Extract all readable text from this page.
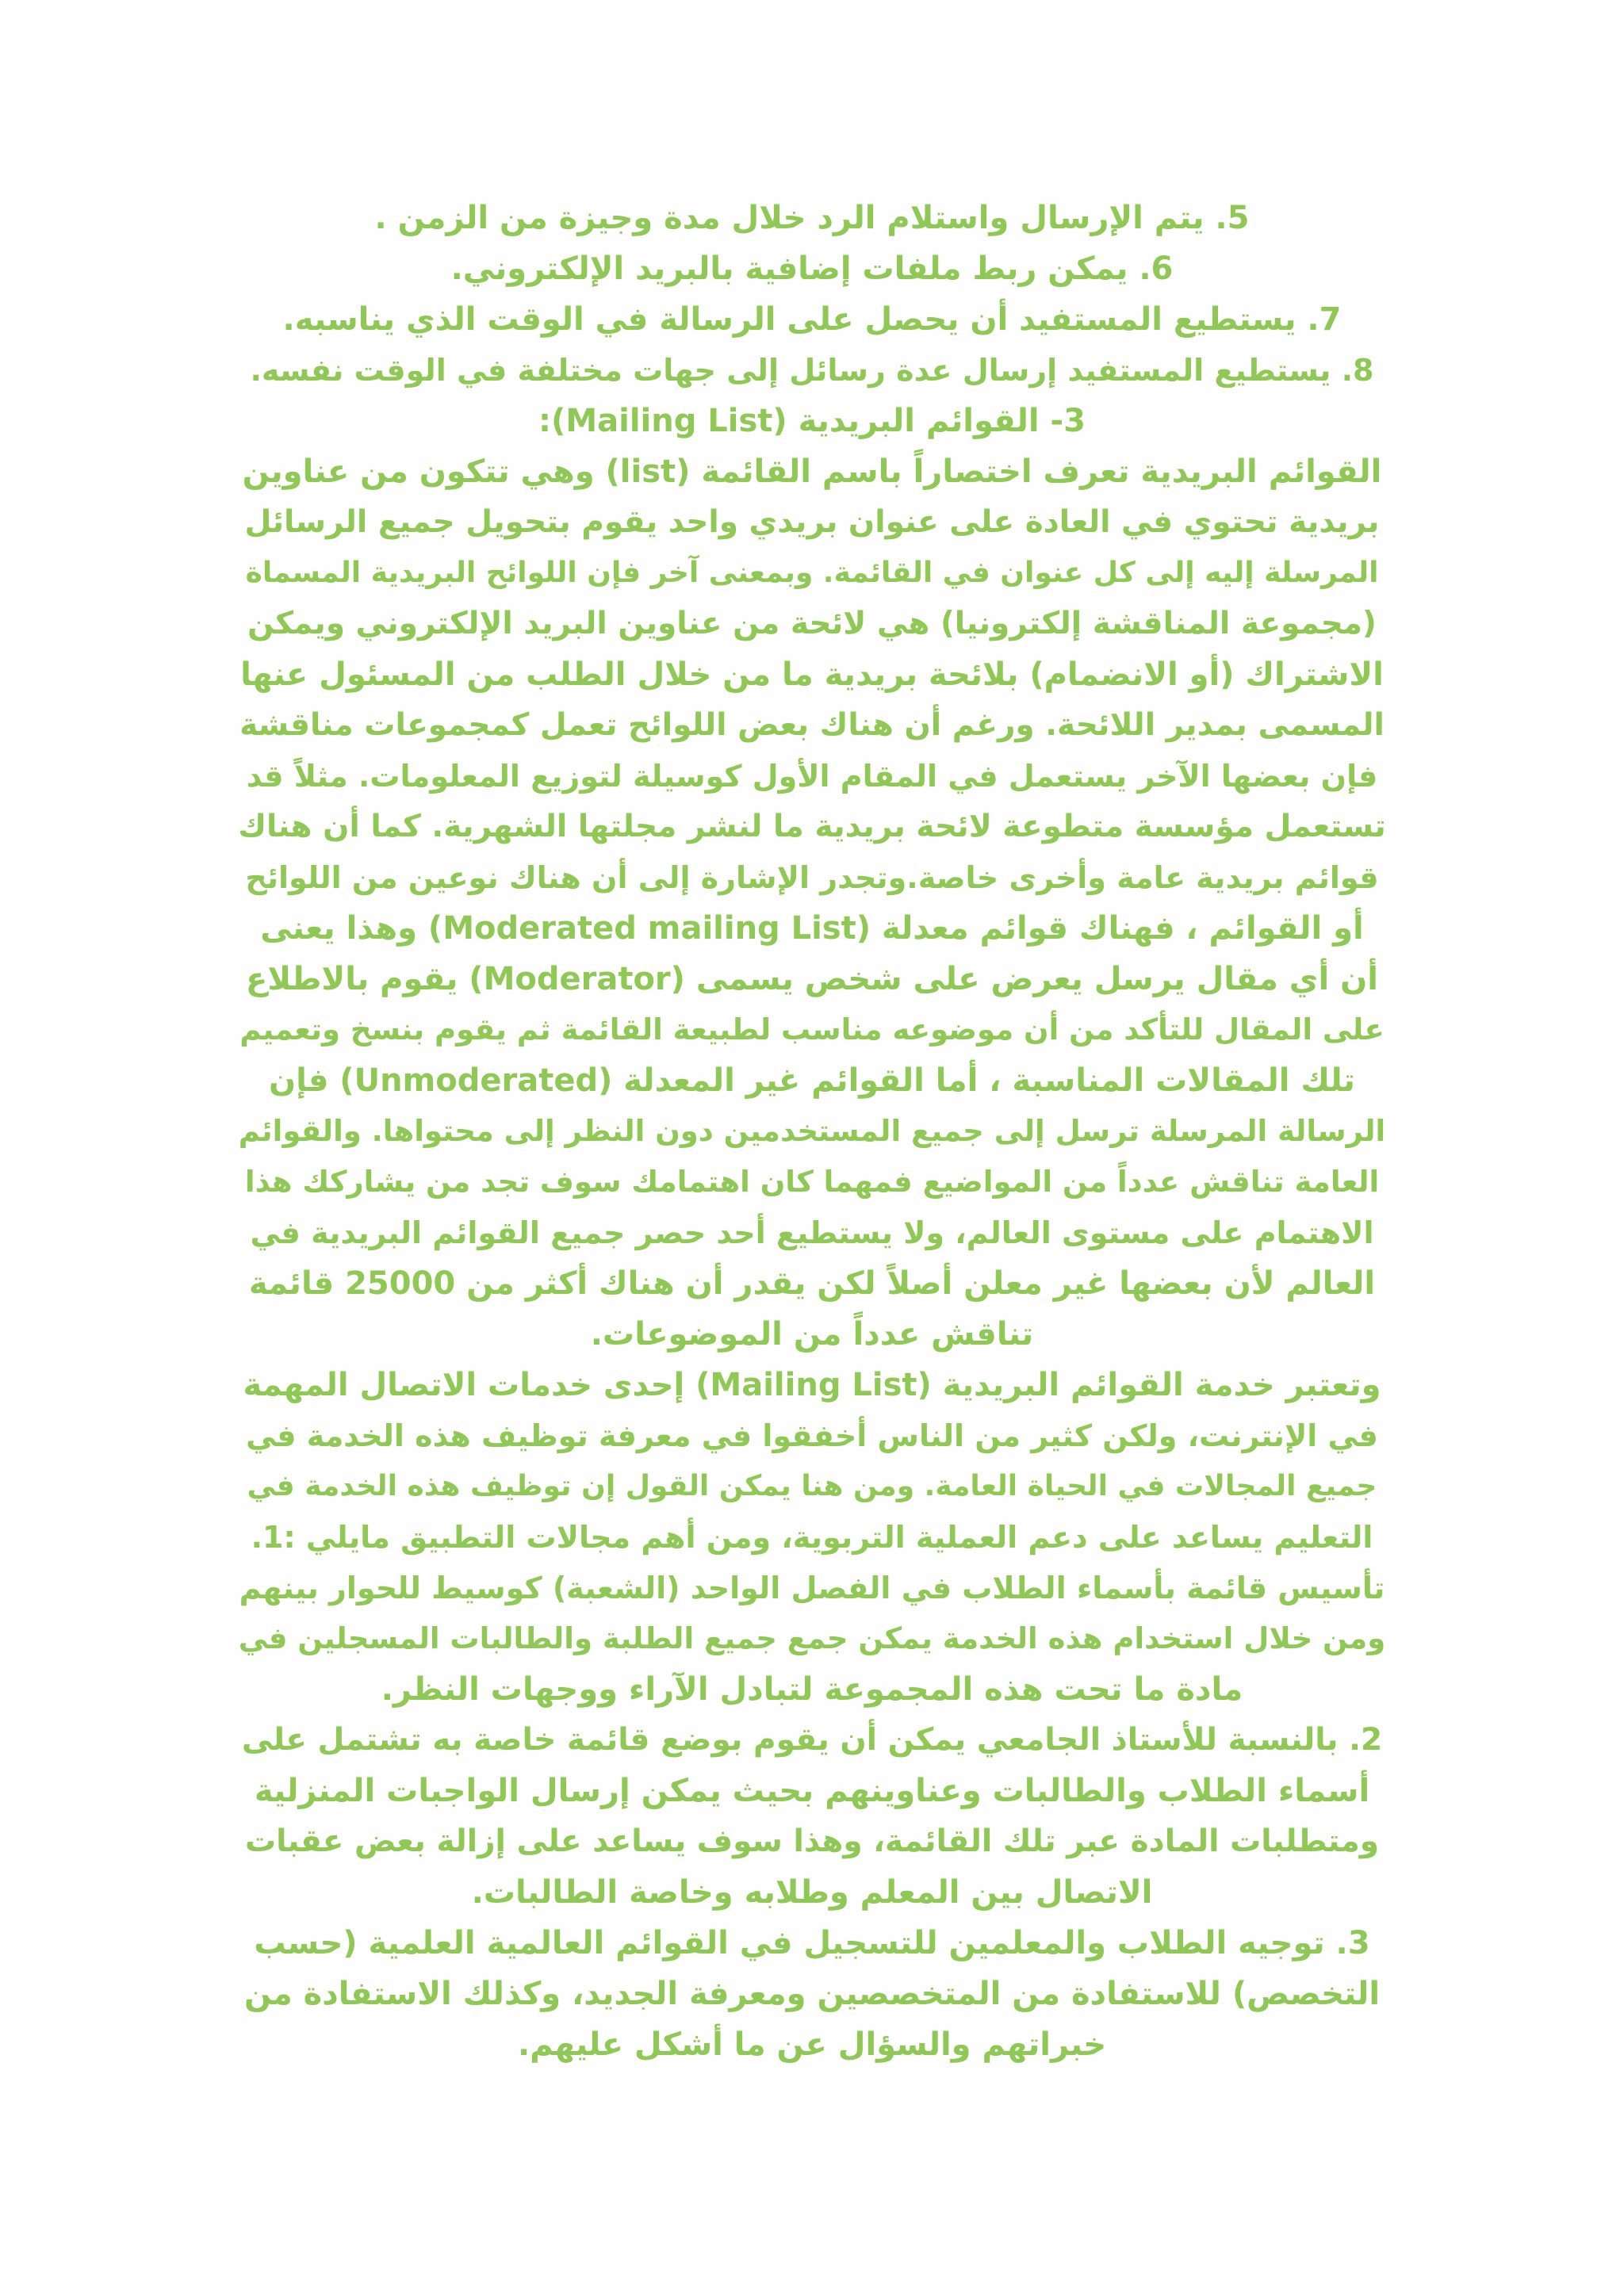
5. يتم الإرسال واستلام الرد خلال مدة وجيزة من الزمن .
6. يمكن ربط ملفات إضافية بالبريد الإلكتروني.
7. يستطيع المستفيد أن يحصل على الرسالة في الوقت الذي يناسبه.
8. يستطيع المستفيد إرسال عدة رسائل إلى جهات مختلفة في الوقت نفسه.
3- القوائم البريدية (Mailing List):
القوائم البريدية تعرف اختصاراً باسم القائمة (list) وهي تتكون من عناوين
بريدية تحتوي في العادة على عنوان بريدي واحد يقوم بتحويل جميع الرسائل
المرسلة إليه إلى كل عنوان في القائمة. وبمعنى آخر فإن اللوائح البريدية المسماة
(مجموعة المناقشة إلكترونيا) هي لائحة من عناوين البريد الإلكتروني ويمكن
الاشتراك (أو الانضمام) بلائحة بريدية ما من خلال الطلب من المسئول عنها
المسمى بمدير اللائحة. ورغم أن هناك بعض اللوائح تعمل كمجموعات مناقشة
فإن بعضها الآخر يستعمل في المقام الأول كوسيلة لتوزيع المعلومات. مثلاً قد
تستعمل مؤسسة متطوعة لائحة بريدية ما لنشر مجلتها الشهرية. كما أن هناك
قوائم بريدية عامة وأخرى خاصة.وتجدر الإشارة إلى أن هناك نوعين من اللوائح
أو القوائم ، فهناك قوائم معدلة (Moderated mailing List) وهذا يعنى
أن أي مقال يرسل يعرض على شخص يسمى (Moderator) يقوم بالاطلاع
على المقال للتأكد من أن موضوعه مناسب لطبيعة القائمة ثم يقوم بنسخ وتعميم
تلك المقالات المناسبة ، أما القوائم غير المعدلة (Unmoderated) فإن
الرسالة المرسلة ترسل إلى جميع المستخدمين دون النظر إلى محتواها. والقوائم
العامة تناقش عدداً من المواضيع فمهما كان اهتمامك سوف تجد من يشاركك هذا
الاهتمام على مستوى العالم، ولا يستطيع أحد حصر جميع القوائم البريدية في
العالم لأن بعضها غير معلن أصلاً لكن يقدر أن هناك أكثر من 25000 قائمة
تناقش عدداً من الموضوعات.
وتعتبر خدمة القوائم البريدية (Mailing List) إحدى خدمات الاتصال المهمة
في الإنترنت، ولكن كثير من الناس أخفقوا في معرفة توظيف هذه الخدمة في
جميع المجالات في الحياة العامة. ومن هنا يمكن القول إن توظيف هذه الخدمة في
التعليم يساعد على دعم العملية التربوية، ومن أهم مجالات التطبيق مايلي :1.
تأسيس قائمة بأسماء الطلاب في الفصل الواحد (الشعبة) كوسيط للحوار بينهم
ومن خلال استخدام هذه الخدمة يمكن جمع جميع الطلبة والطالبات المسجلين في
مادة ما تحت هذه المجموعة لتبادل الآراء ووجهات النظر.
2. بالنسبة للأستاذ الجامعي يمكن أن يقوم بوضع قائمة خاصة به تشتمل على
أسماء الطلاب والطالبات وعناوينهم بحيث يمكن إرسال الواجبات المنزلية
ومتطلبات المادة عبر تلك القائمة، وهذا سوف يساعد على إزالة بعض عقبات
الاتصال بين المعلم وطلابه وخاصة الطالبات.
3. توجيه الطلاب والمعلمين للتسجيل في القوائم العالمية العلمية (حسب
التخصص) للاستفادة من المتخصصين ومعرفة الجديد، وكذلك الاستفادة من
خبراتهم والسؤال عن ما أشكل عليهم.
